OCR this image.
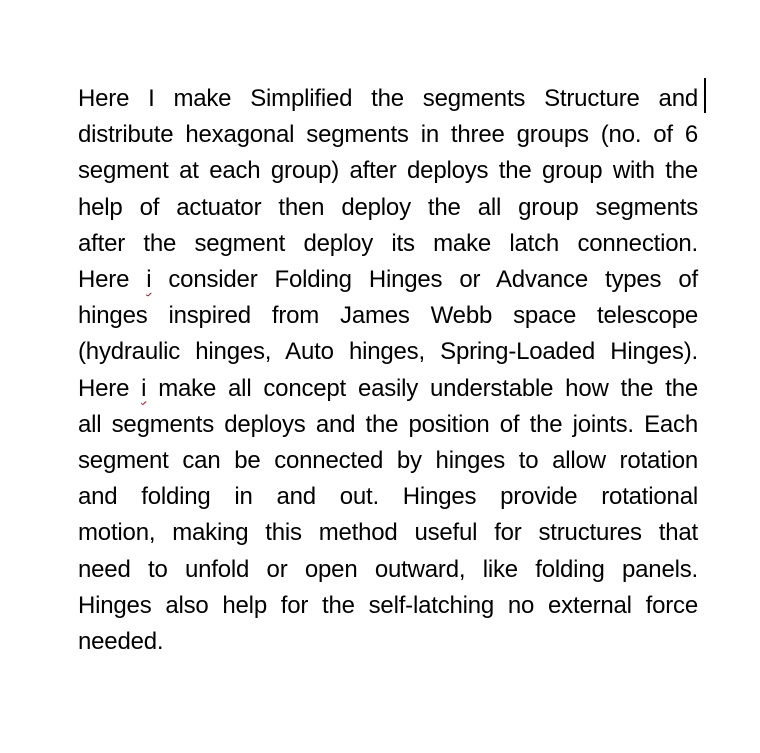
Here I make Simplified the segments Structure and
distribute hexagonal segments in three groups (no. of 6
segment at each group) after deploys the group with the
help of actuator then deploy the all group segments
after the segment deploy its make latch connection.
Here i consider Folding Hinges or Advance types of
hinges inspired from James Webb space telescope
(hydraulic hinges, Auto hinges, Spring-Loaded Hinges).
Here i make all concept easily understable how the the
all segments deploys and the position of the joints. Each
segment can be connected by hinges to allow rotation
and folding in and out. Hinges provide rotational
motion, making this method useful for structures that
need to unfold or open outward, like folding panels.
Hinges also help for the self-latching no external force
needed.
